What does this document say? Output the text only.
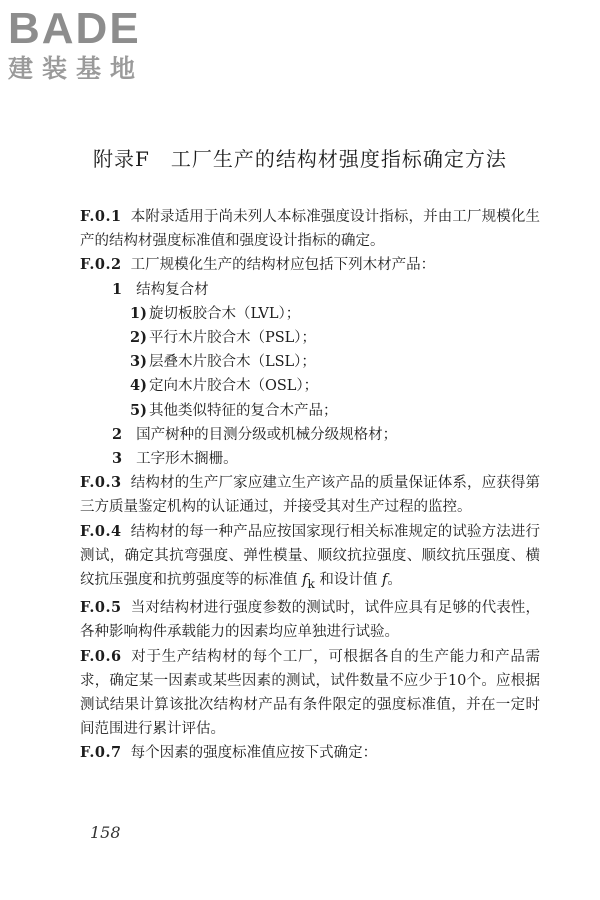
BADE
建装基地
附录F　工厂生产的结构材强度指标确定方法
F.0.1 本附录适用于尚未列人本标准强度设计指标，并由工厂规模化生产的结构材强度标准值和强度设计指标的确定。
F.0.2 工厂规模化生产的结构材应包括下列木材产品：
1 结构复合材
1) 旋切板胶合木（LVL）；
2) 平行木片胶合木（PSL）；
3) 层叠木片胶合木（LSL）；
4) 定向木片胶合木（OSL）；
5) 其他类似特征的复合木产品；
2 国产树种的目测分级或机械分级规格材；
3 工字形木搁栅。
F.0.3 结构材的生产厂家应建立生产该产品的质量保证体系，应获得第三方质量鉴定机构的认证通过，并接受其对生产过程的监控。
F.0.4 结构材的每一种产品应按国家现行相关标准规定的试验方法进行测试，确定其抗弯强度、弹性模量、顺纹抗拉强度、顺纹抗压强度、横纹抗压强度和抗剪强度等的标准值 $f_k$ 和设计值 f。
F.0.5 当对结构材进行强度参数的测试时，试件应具有足够的代表性，各种影响构件承载能力的因素均应单独进行试验。
F.0.6 对于生产结构材的每个工厂，可根据各自的生产能力和产品需求，确定某一因素或某些因素的测试，试件数量不应少于10个。应根据测试结果计算该批次结构材产品有条件限定的强度标准值，并在一定时间范围进行累计评估。
F.0.7 每个因素的强度标准值应按下式确定：
158
